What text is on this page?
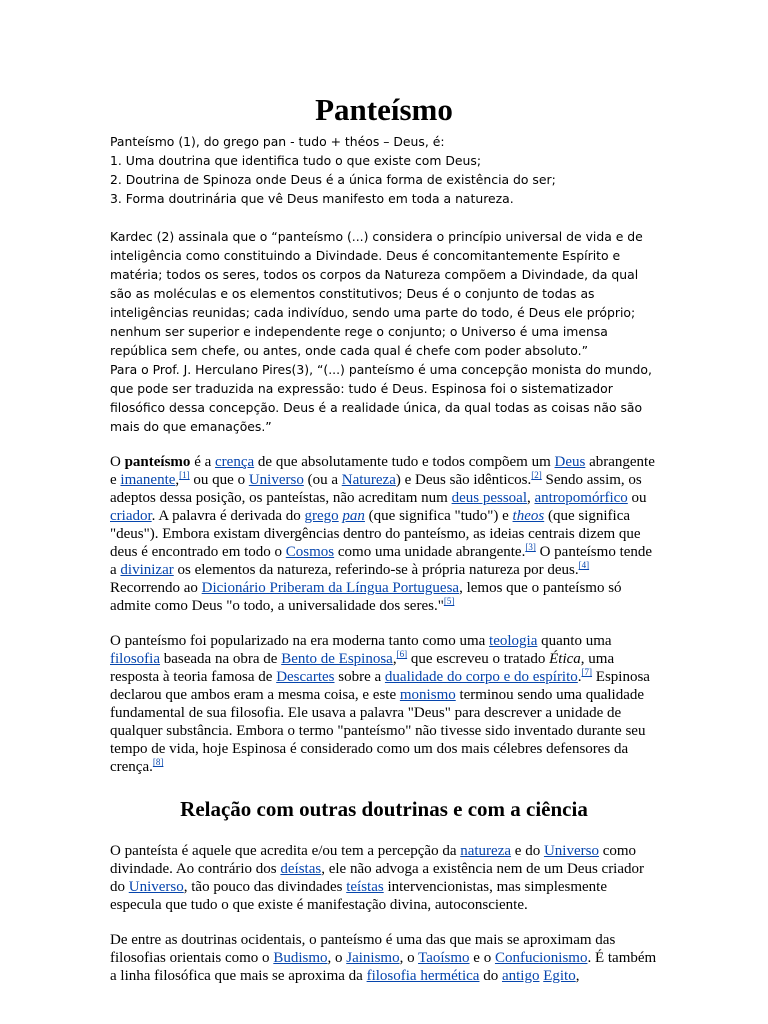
Panteísmo

Panteísmo (1), do grego pan - tudo + théos – Deus, é:

1. Uma doutrina que identifica tudo o que existe com Deus;

2. Doutrina de Spinoza onde Deus é a única forma de existência do ser;

3. Forma doutrinária que vê Deus manifesto em toda a natureza.

Kardec (2) assinala que o “panteísmo (...) considera o princípio universal de vida e de inteligência como constituindo a Divindade. Deus é concomitantemente Espírito e matéria; todos os seres, todos os corpos da Natureza compõem a Divindade, da qual são as moléculas e os elementos constitutivos; Deus é o conjunto de todas as inteligências reunidas; cada indivíduo, sendo uma parte do todo, é Deus ele próprio; nenhum ser superior e independente rege o conjunto; o Universo é uma imensa república sem chefe, ou antes, onde cada qual é chefe com poder absoluto.”

Para o Prof. J. Herculano Pires(3), “(...) panteísmo é uma concepção monista do mundo, que pode ser traduzida na expressão: tudo é Deus. Espinosa foi o sistematizador filosófico dessa concepção. Deus é a realidade única, da qual todas as coisas não são mais do que emanações.”

O panteísmo é a crença de que absolutamente tudo e todos compõem um Deus abrangente e imanente,[1] ou que o Universo (ou a Natureza) e Deus são idênticos.[2] Sendo assim, os adeptos dessa posição, os panteístas, não acreditam num deus pessoal, antropomórfico ou criador. A palavra é derivada do grego pan (que significa "tudo") e theos (que significa "deus"). Embora existam divergências dentro do panteísmo, as ideias centrais dizem que deus é encontrado em todo o Cosmos como uma unidade abrangente.[3] O panteísmo tende a divinizar os elementos da natureza, referindo-se à própria natureza por deus.[4] Recorrendo ao Dicionário Priberam da Língua Portuguesa, lemos que o panteísmo só admite como Deus "o todo, a universalidade dos seres."[5]

O panteísmo foi popularizado na era moderna tanto como uma teologia quanto uma filosofia baseada na obra de Bento de Espinosa,[6] que escreveu o tratado Ética, uma resposta à teoria famosa de Descartes sobre a dualidade do corpo e do espírito.[7] Espinosa declarou que ambos eram a mesma coisa, e este monismo terminou sendo uma qualidade fundamental de sua filosofia. Ele usava a palavra "Deus" para descrever a unidade de qualquer substância. Embora o termo "panteísmo" não tivesse sido inventado durante seu tempo de vida, hoje Espinosa é considerado como um dos mais célebres defensores da crença.[8]

Relação com outras doutrinas e com a ciência

O panteísta é aquele que acredita e/ou tem a percepção da natureza e do Universo como divindade. Ao contrário dos deístas, ele não advoga a existência nem de um Deus criador do Universo, tão pouco das divindades teístas intervencionistas, mas simplesmente especula que tudo o que existe é manifestação divina, autoconsciente.

De entre as doutrinas ocidentais, o panteísmo é uma das que mais se aproximam das filosofias orientais como o Budismo, o Jainismo, o Taoísmo e o Confucionismo. É também a linha filosófica que mais se aproxima da filosofia hermética do antigo Egito,
